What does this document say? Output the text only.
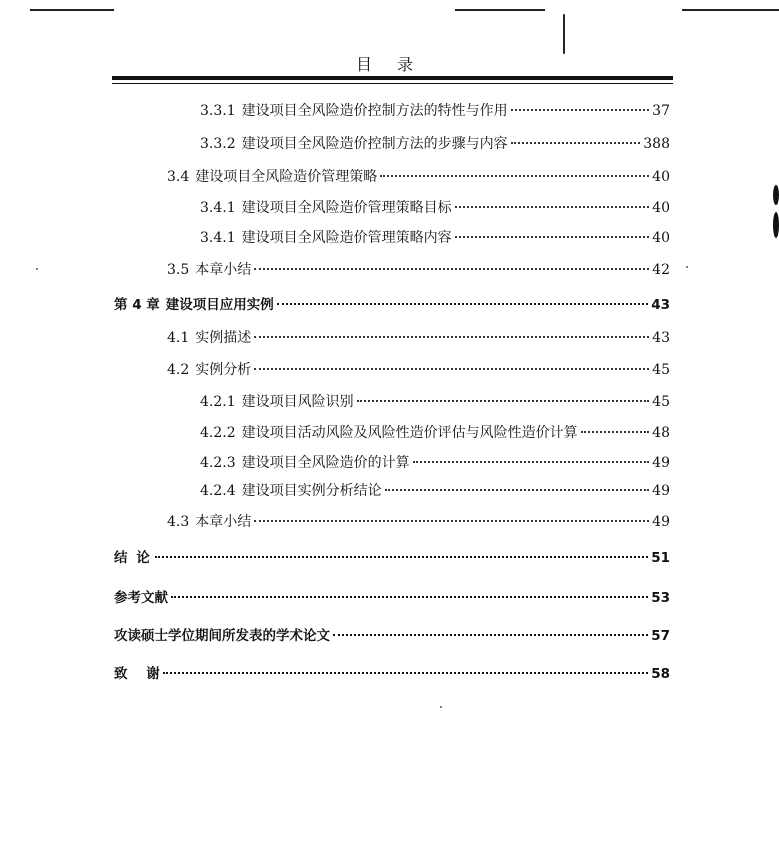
目 录
3.3.1 建设项目全风险造价控制方法的特性与作用	37
3.3.2 建设项目全风险造价控制方法的步骤与内容	388
3.4 建设项目全风险造价管理策略	40
3.4.1 建设项目全风险造价管理策略目标	40
3.4.1 建设项目全风险造价管理策略内容	40
3.5 本章小结	42
第 4 章 建设项目应用实例	43
4.1 实例描述	43
4.2 实例分析	45
4.2.1 建设项目风险识别	45
4.2.2 建设项目活动风险及风险性造价评估与风险性造价计算	48
4.2.3 建设项目全风险造价的计算	49
4.2.4 建设项目实例分析结论	49
4.3 本章小结	49
结 论	51
参考文献	53
攻读硕士学位期间所发表的学术论文	57
致    谢	58
